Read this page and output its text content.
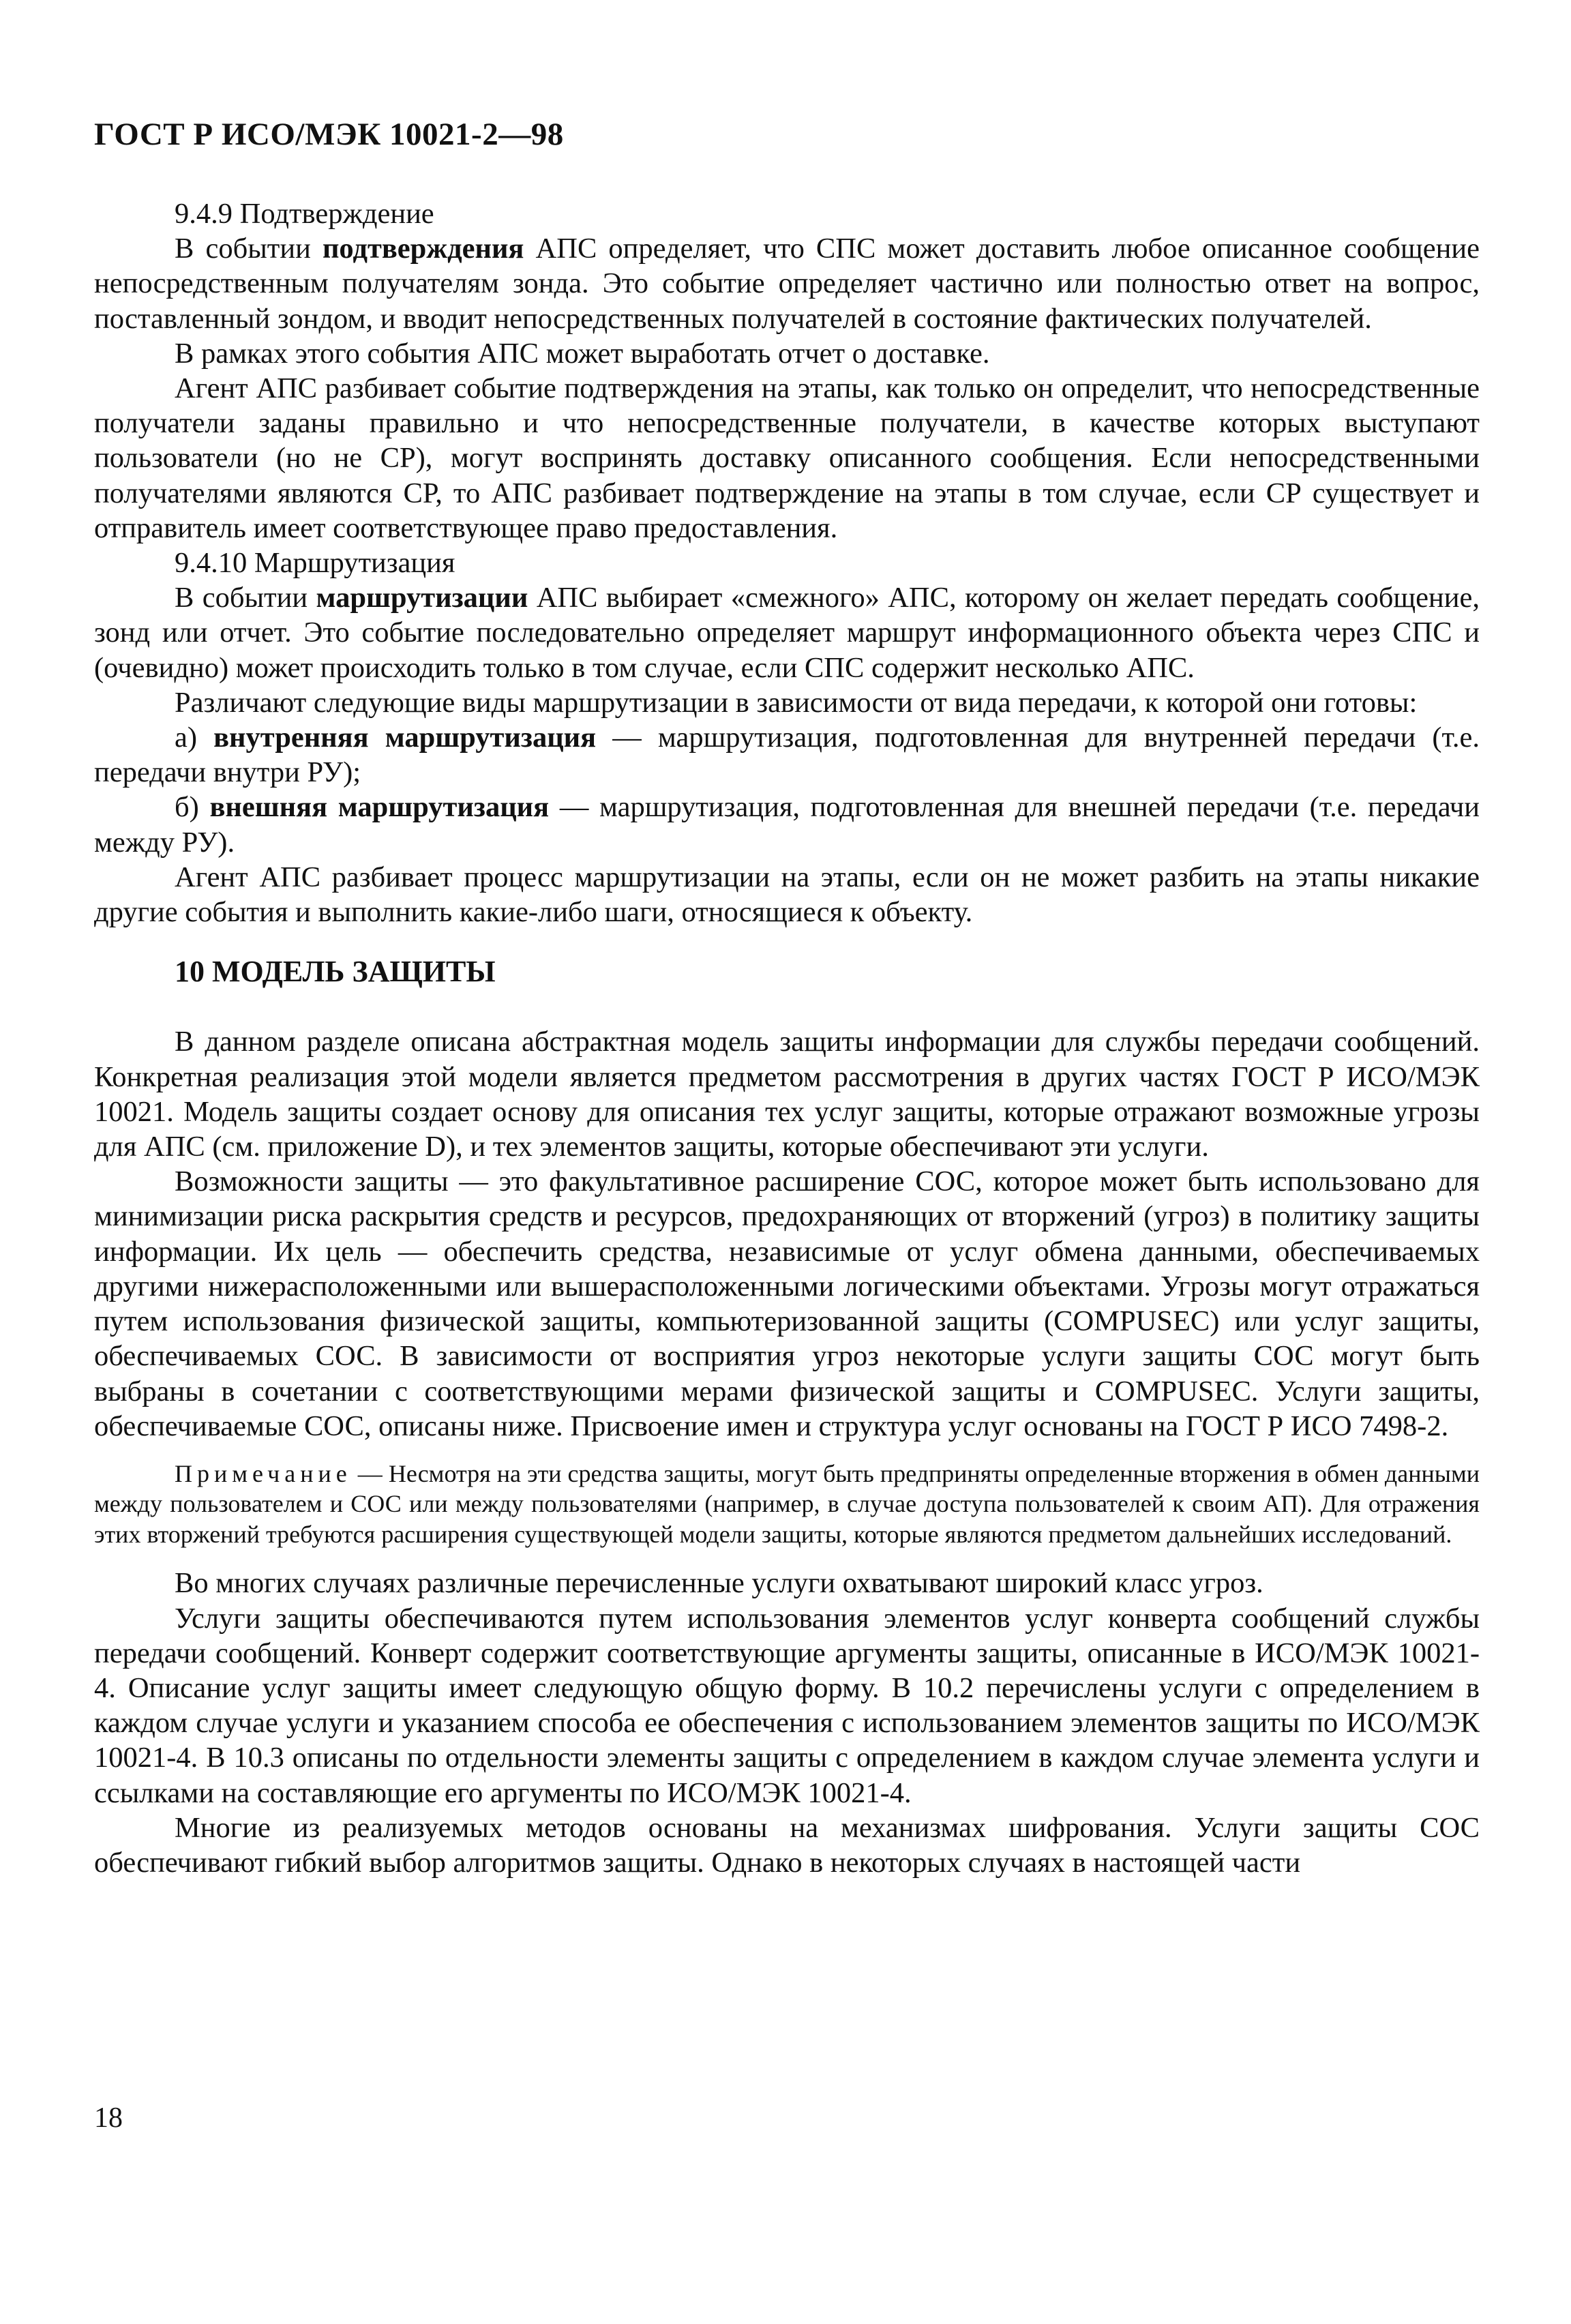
ГОСТ Р ИСО/МЭК 10021-2—98

9.4.9 Подтверждение

В событии подтверждения АПС определяет, что СПС может доставить любое описанное сообщение непосредственным получателям зонда. Это событие определяет частично или полностью ответ на вопрос, поставленный зондом, и вводит непосредственных получателей в состояние фактических получателей.

В рамках этого события АПС может выработать отчет о доставке.

Агент АПС разбивает событие подтверждения на этапы, как только он определит, что непосредственные получатели заданы правильно и что непосредственные получатели, в качестве которых выступают пользователи (но не СР), могут воспринять доставку описанного сообщения. Если непосредственными получателями являются СР, то АПС разбивает подтверждение на этапы в том случае, если СР существует и отправитель имеет соответствующее право предоставления.

9.4.10 Маршрутизация

В событии маршрутизации АПС выбирает «смежного» АПС, которому он желает передать сообщение, зонд или отчет. Это событие последовательно определяет маршрут информационного объекта через СПС и (очевидно) может происходить только в том случае, если СПС содержит несколько АПС.

Различают следующие виды маршрутизации в зависимости от вида передачи, к которой они готовы:

а) внутренняя маршрутизация — маршрутизация, подготовленная для внутренней передачи (т.е. передачи внутри РУ);

б) внешняя маршрутизация — маршрутизация, подготовленная для внешней передачи (т.е. передачи между РУ).

Агент АПС разбивает процесс маршрутизации на этапы, если он не может разбить на этапы никакие другие события и выполнить какие-либо шаги, относящиеся к объекту.

10 МОДЕЛЬ ЗАЩИТЫ

В данном разделе описана абстрактная модель защиты информации для службы передачи сообщений. Конкретная реализация этой модели является предметом рассмотрения в других частях ГОСТ Р ИСО/МЭК 10021. Модель защиты создает основу для описания тех услуг защиты, которые отражают возможные угрозы для АПС (см. приложение D), и тех элементов защиты, которые обеспечивают эти услуги.

Возможности защиты — это факультативное расширение СОС, которое может быть использовано для минимизации риска раскрытия средств и ресурсов, предохраняющих от вторжений (угроз) в политику защиты информации. Их цель — обеспечить средства, независимые от услуг обмена данными, обеспечиваемых другими нижерасположенными или вышерасположенными логическими объектами. Угрозы могут отражаться путем использования физической защиты, компьютеризованной защиты (COMPUSEC) или услуг защиты, обеспечиваемых СОС. В зависимости от восприятия угроз некоторые услуги защиты СОС могут быть выбраны в сочетании с соответствующими мерами физической защиты и COMPUSEC. Услуги защиты, обеспечиваемые СОС, описаны ниже. Присвоение имен и структура услуг основаны на ГОСТ Р ИСО 7498-2.

Примечание — Несмотря на эти средства защиты, могут быть предприняты определенные вторжения в обмен данными между пользователем и СОС или между пользователями (например, в случае доступа пользователей к своим АП). Для отражения этих вторжений требуются расширения существующей модели защиты, которые являются предметом дальнейших исследований.

Во многих случаях различные перечисленные услуги охватывают широкий класс угроз.

Услуги защиты обеспечиваются путем использования элементов услуг конверта сообщений службы передачи сообщений. Конверт содержит соответствующие аргументы защиты, описанные в ИСО/МЭК 10021-4. Описание услуг защиты имеет следующую общую форму. В 10.2 перечислены услуги с определением в каждом случае услуги и указанием способа ее обеспечения с использованием элементов защиты по ИСО/МЭК 10021-4. В 10.3 описаны по отдельности элементы защиты с определением в каждом случае элемента услуги и ссылками на составляющие его аргументы по ИСО/МЭК 10021-4.

Многие из реализуемых методов основаны на механизмах шифрования. Услуги защиты СОС обеспечивают гибкий выбор алгоритмов защиты. Однако в некоторых случаях в настоящей части

18
